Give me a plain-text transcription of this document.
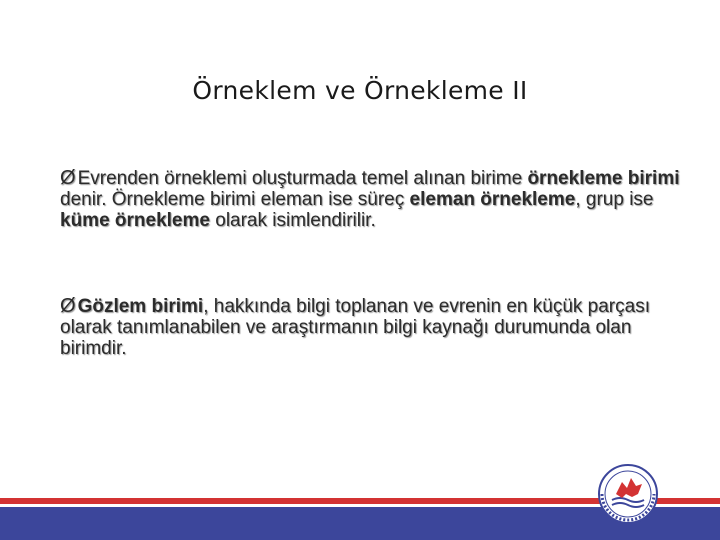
Örneklem ve Örnekleme II
Ø Evrenden örneklemi oluşturmada temel alınan birime örnekleme birimi denir. Örnekleme birimi eleman ise süreç eleman örnekleme, grup ise küme örnekleme olarak isimlendirilir.
Ø Gözlem birimi, hakkında bilgi toplanan ve evrenin en küçük parçası olarak tanımlanabilen ve araştırmanın bilgi kaynağı durumunda olan birimdir.
